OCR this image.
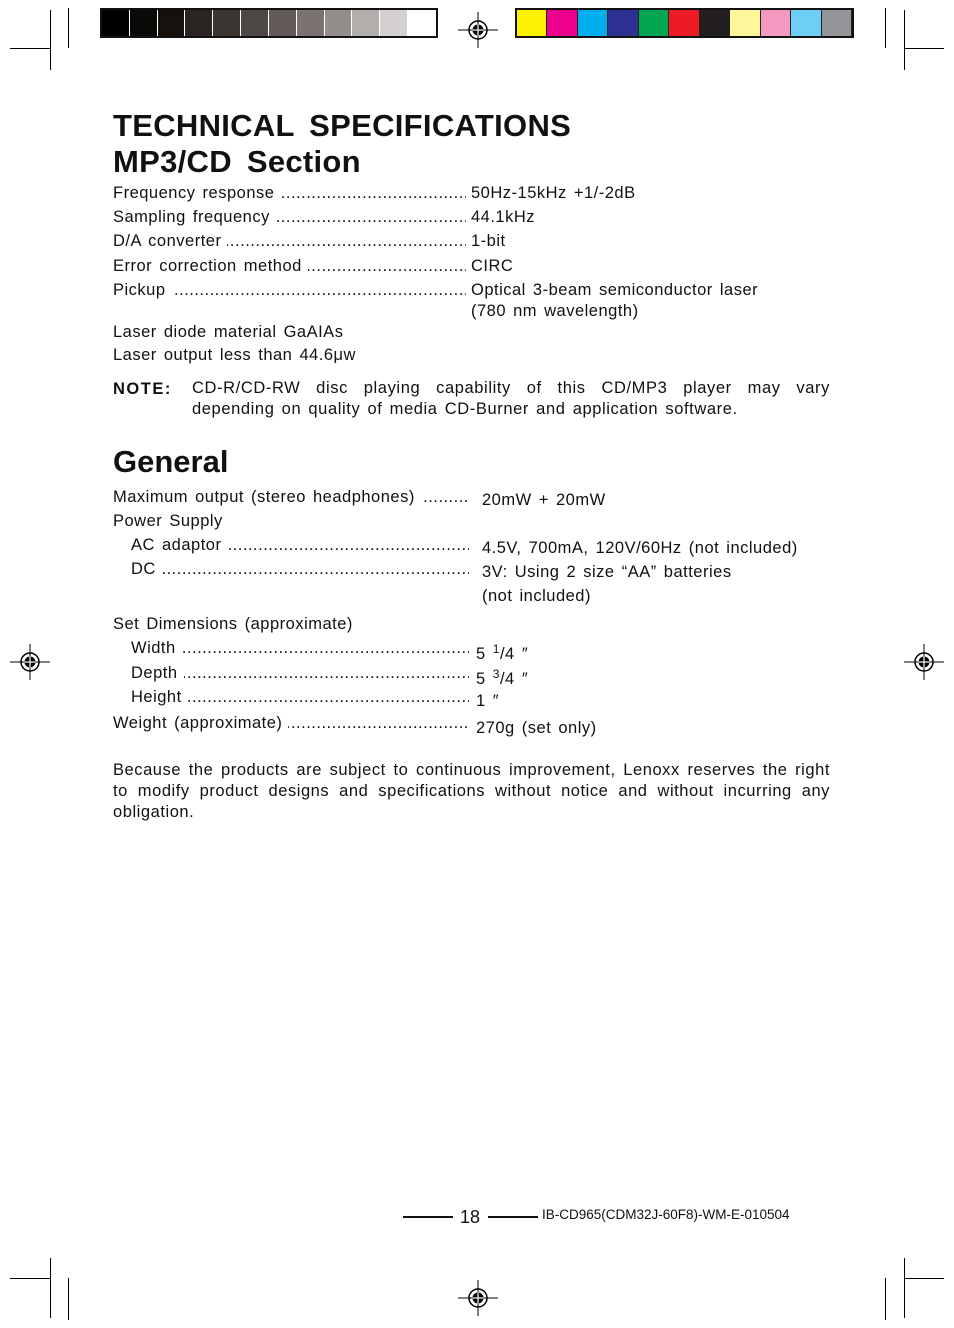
TECHNICAL SPECIFICATIONS
MP3/CD Section
Frequency response .....	50Hz-15kHz +1/-2dB
Sampling frequency .....	44.1kHz
D/A converter .....	1-bit
Error correction method .....	CIRC
Pickup .....	Optical 3-beam semiconductor laser
(780 nm wavelength)
Laser diode material GaAIAs
Laser output less than 44.6μw
NOTE: CD-R/CD-RW disc playing capability of this CD/MP3 player may vary depending on quality of media CD-Burner and application software.
General
Maximum output (stereo headphones) .....	20mW + 20mW
Power Supply
AC adaptor .....	4.5V, 700mA, 120V/60Hz (not included)
DC .....	3V: Using 2 size “AA” batteries
(not included)
Set Dimensions (approximate)
Width .....	5 $^1$/4 ″
Depth .....	5 $^3$/4 ″
Height .....	1 ″
Weight (approximate) .....	270g (set only)
Because the products are subject to continuous improvement, Lenoxx reserves the right to modify product designs and specifications without notice and without incurring any obligation.
18	IB-CD965(CDM32J-60F8)-WM-E-010504
